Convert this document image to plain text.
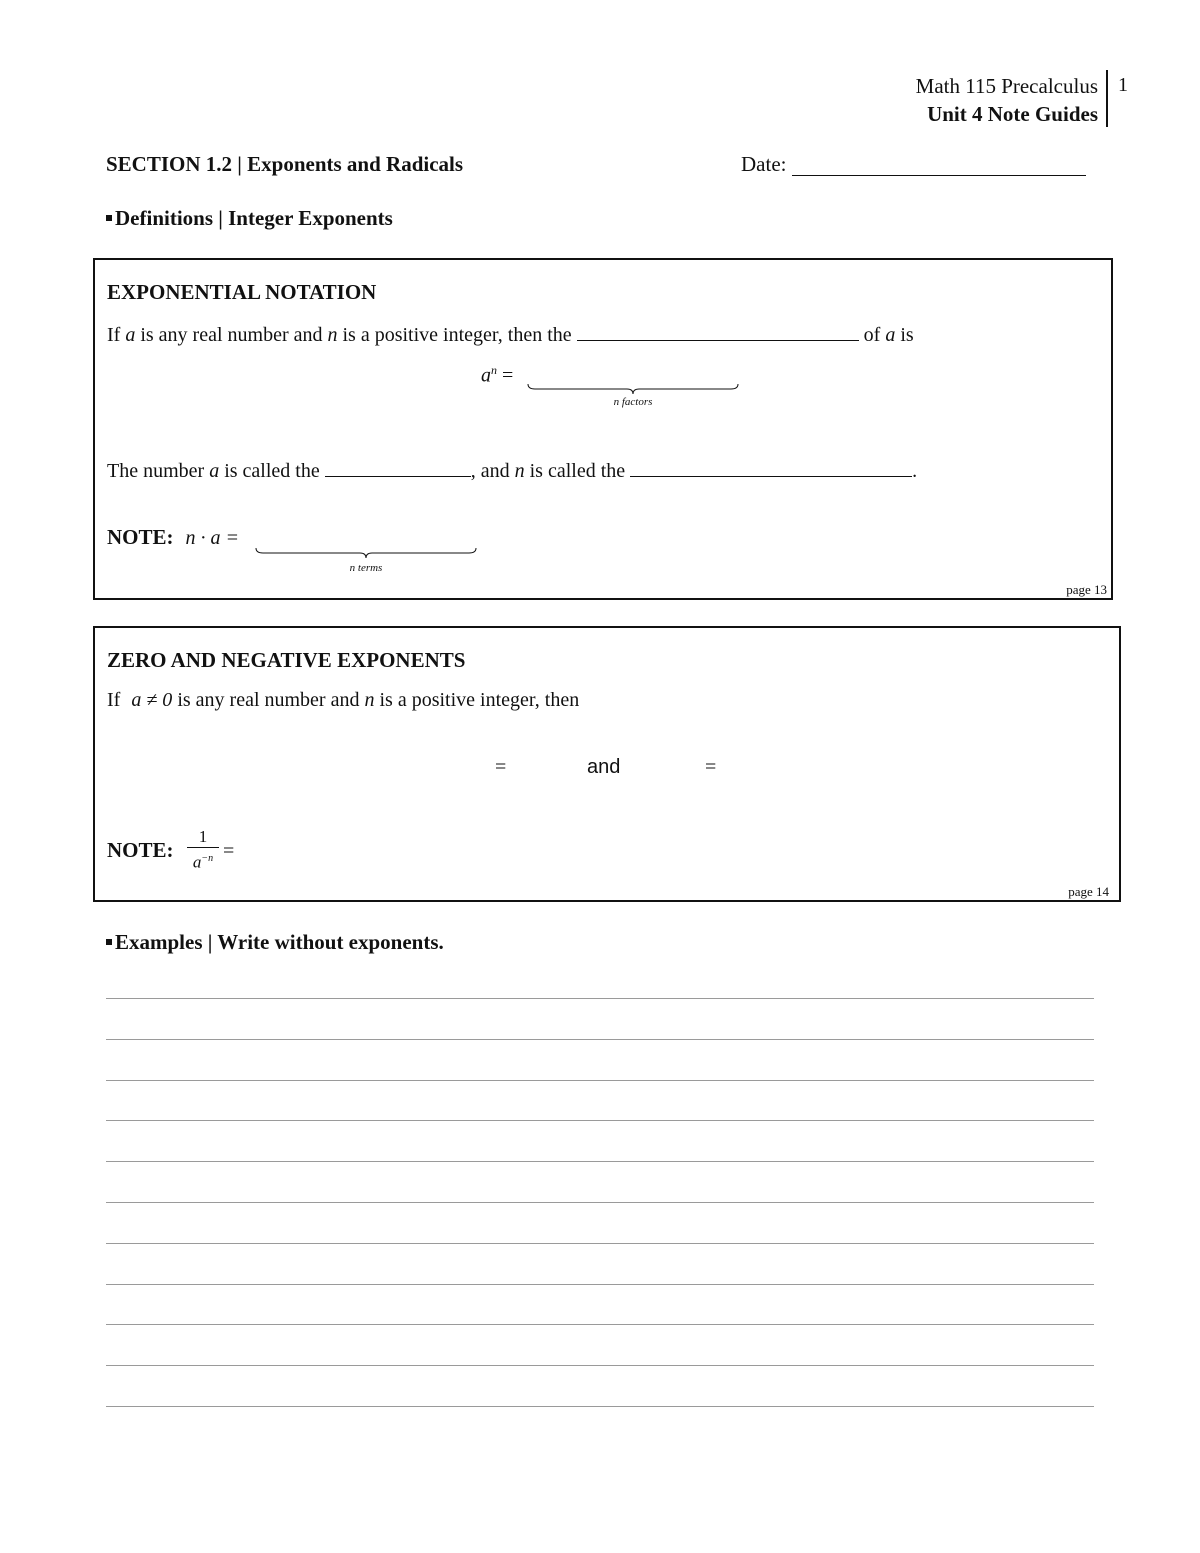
Math 115 Precalculus
Unit 4 Note Guides
1
SECTION 1.2 | Exponents and Radicals	Date:
Definitions | Integer Exponents
EXPONENTIAL NOTATION
If a is any real number and n is a positive integer, then the	of a is
$a^n$ =
n factors
The number a is called the	, and n is called the	.
NOTE: n · a =
n terms
page 13
ZERO AND NEGATIVE EXPONENTS
If a ≠ 0 is any real number and n is a positive integer, then
=	and	=
NOTE: $\frac{1}{a^{-n}}$ =
page 14
Examples | Write without exponents.
